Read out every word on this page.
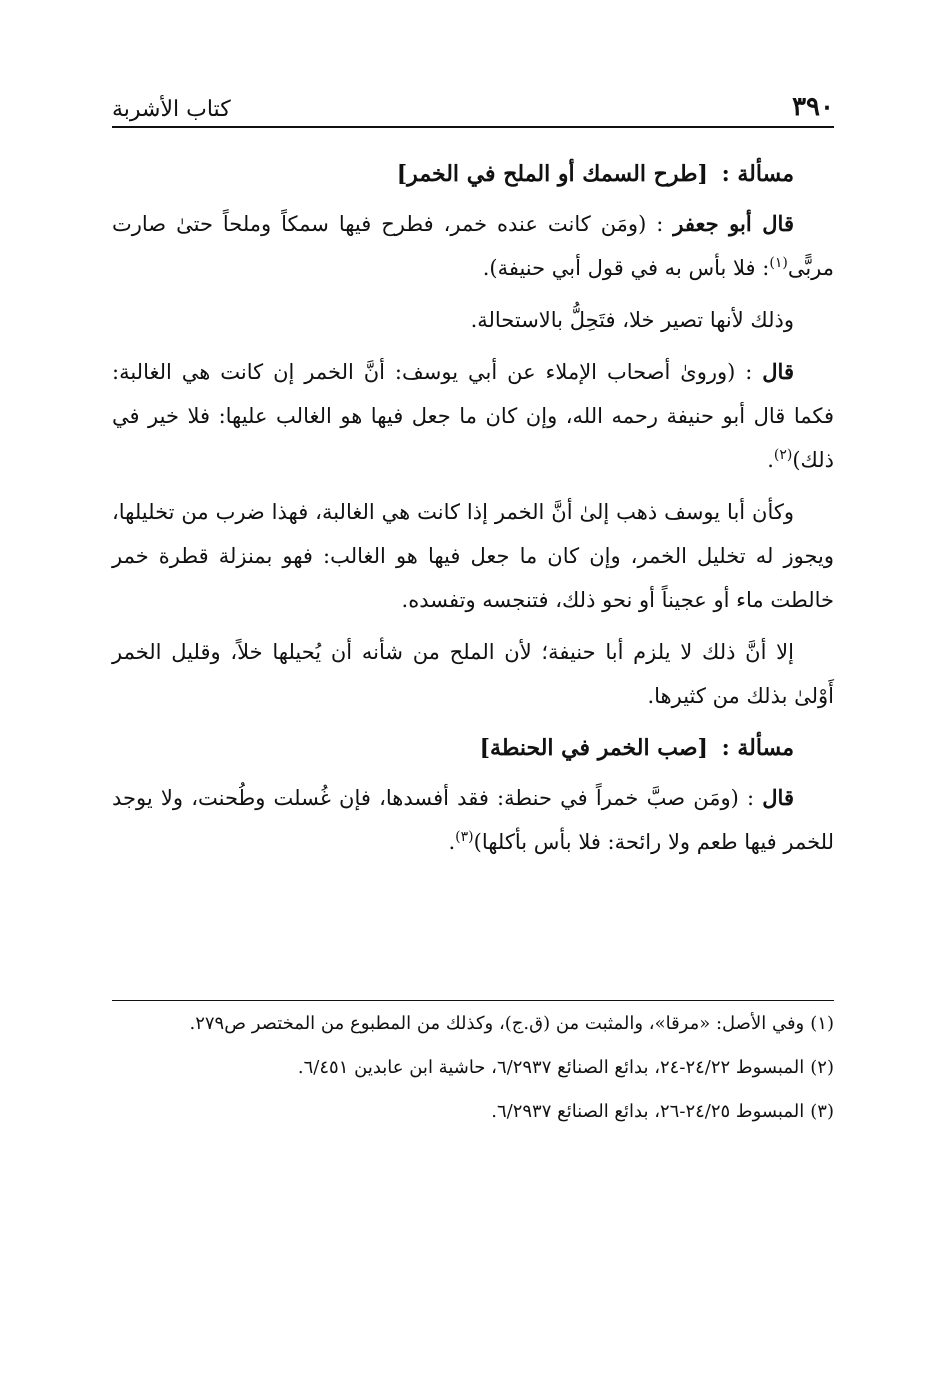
٣٩٠
كتاب الأشربة
مسألة : [طرح السمك أو الملح في الخمر]

قال أبو جعفر : (ومَن كانت عنده خمر، فطرح فيها سمكاً وملحاً حتىٰ صارت مربًّى$^{(١)}$: فلا بأس به في قول أبي حنيفة).

وذلك لأنها تصير خلا، فتَحِلُّ بالاستحالة.

قال : (وروىٰ أصحاب الإملاء عن أبي يوسف: أنَّ الخمر إن كانت هي الغالبة: فكما قال أبو حنيفة رحمه الله، وإن كان ما جعل فيها هو الغالب عليها: فلا خير في ذلك)$^{(٢)}$.

وكأن أبا يوسف ذهب إلىٰ أنَّ الخمر إذا كانت هي الغالبة، فهذا ضرب من تخليلها، ويجوز له تخليل الخمر، وإن كان ما جعل فيها هو الغالب: فهو بمنزلة قطرة خمر خالطت ماء أو عجيناً أو نحو ذلك، فتنجسه وتفسده.

إلا أنَّ ذلك لا يلزم أبا حنيفة؛ لأن الملح من شأنه أن يُحيلها خلاً، وقليل الخمر أَوْلىٰ بذلك من كثيرها.

مسألة : [صب الخمر في الحنطة]

قال : (ومَن صبَّ خمراً في حنطة: فقد أفسدها، فإن غُسلت وطُحنت، ولا يوجد للخمر فيها طعم ولا رائحة: فلا بأس بأكلها)$^{(٣)}$.

(١)وفي الأصل: «مرقا»، والمثبت من (ق.ج)، وكذلك من المطبوع من المختصر ص٢٧٩.
(٢)المبسوط ٢٤/٢٢-٢٤، بدائع الصنائع ٦/٢٩٣٧، حاشية ابن عابدين ٦/٤٥١.
(٣)المبسوط ٢٤/٢٥-٢٦، بدائع الصنائع ٦/٢٩٣٧.
